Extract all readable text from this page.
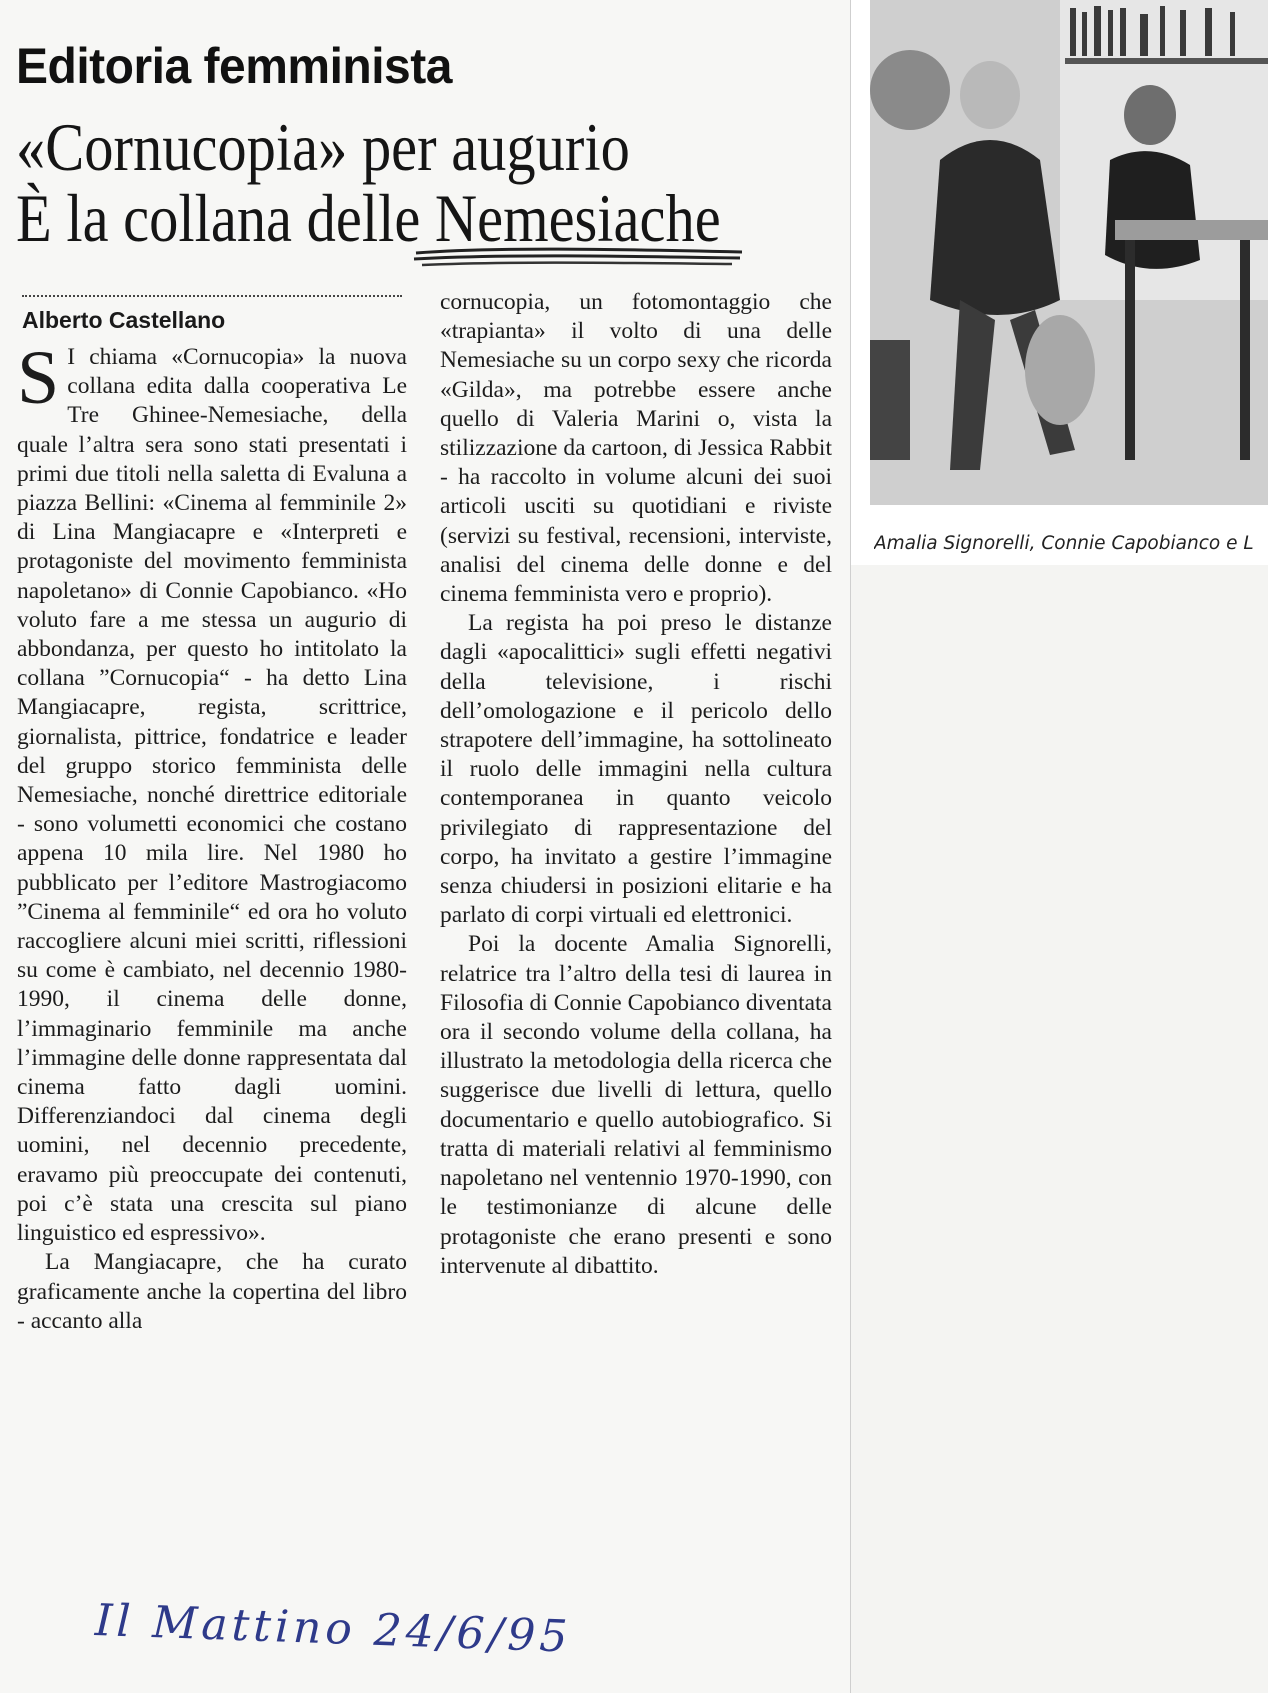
Editoria femminista
«Cornucopia» per augurio
È la collana delle Nemesiache
Alberto Castellano

S I chiama «Cornucopia» la nuova collana edita dalla cooperativa Le Tre Ghinee-Nemesiache, della quale l’altra sera sono stati presentati i primi due titoli nella saletta di Evaluna a piazza Bellini: «Cinema al femminile 2» di Lina Mangiacapre e «Interpreti e protagoniste del movimento femminista napoletano» di Connie Capobianco. «Ho voluto fare a me stessa un augurio di abbondanza, per questo ho intitolato la collana ”Cornucopia“ - ha detto Lina Mangiacapre, regista, scrittrice, giornalista, pittrice, fondatrice e leader del gruppo storico femminista delle Nemesiache, nonché direttrice editoriale - sono volumetti economici che costano appena 10 mila lire. Nel 1980 ho pubblicato per l’editore Mastrogiacomo ”Cinema al femminile“ ed ora ho voluto raccogliere alcuni miei scritti, riflessioni su come è cambiato, nel decennio 1980-1990, il cinema delle donne, l’immaginario femminile ma anche l’immagine delle donne rappresentata dal cinema fatto dagli uomini. Differenziandoci dal cinema degli uomini, nel decennio precedente, eravamo più preoccupate dei contenuti, poi c’è stata una crescita sul piano linguistico ed espressivo».

La Mangiacapre, che ha curato graficamente anche la copertina del libro - accanto alla

cornucopia, un fotomontaggio che «trapianta» il volto di una delle Nemesiache su un corpo sexy che ricorda «Gilda», ma potrebbe essere anche quello di Valeria Marini o, vista la stilizzazione da cartoon, di Jessica Rabbit - ha raccolto in volume alcuni dei suoi articoli usciti su quotidiani e riviste (servizi su festival, recensioni, interviste, analisi del cinema delle donne e del cinema femminista vero e proprio).

La regista ha poi preso le distanze dagli «apocalittici» sugli effetti negativi della televisione, i rischi dell’omologazione e il pericolo dello strapotere dell’immagine, ha sottolineato il ruolo delle immagini nella cultura contemporanea in quanto veicolo privilegiato di rappresentazione del corpo, ha invitato a gestire l’immagine senza chiudersi in posizioni elitarie e ha parlato di corpi virtuali ed elettronici.

Poi la docente Amalia Signorelli, relatrice tra l’altro della tesi di laurea in Filosofia di Connie Capobianco diventata ora il secondo volume della collana, ha illustrato la metodologia della ricerca che suggerisce due livelli di lettura, quello documentario e quello autobiografico. Si tratta di materiali relativi al femminismo napoletano nel ventennio 1970-1990, con le testimonianze di alcune delle protagoniste che erano presenti e sono intervenute al dibattito.

Il Mattino 24/6/95
Amalia Signorelli, Connie Capobianco e L
